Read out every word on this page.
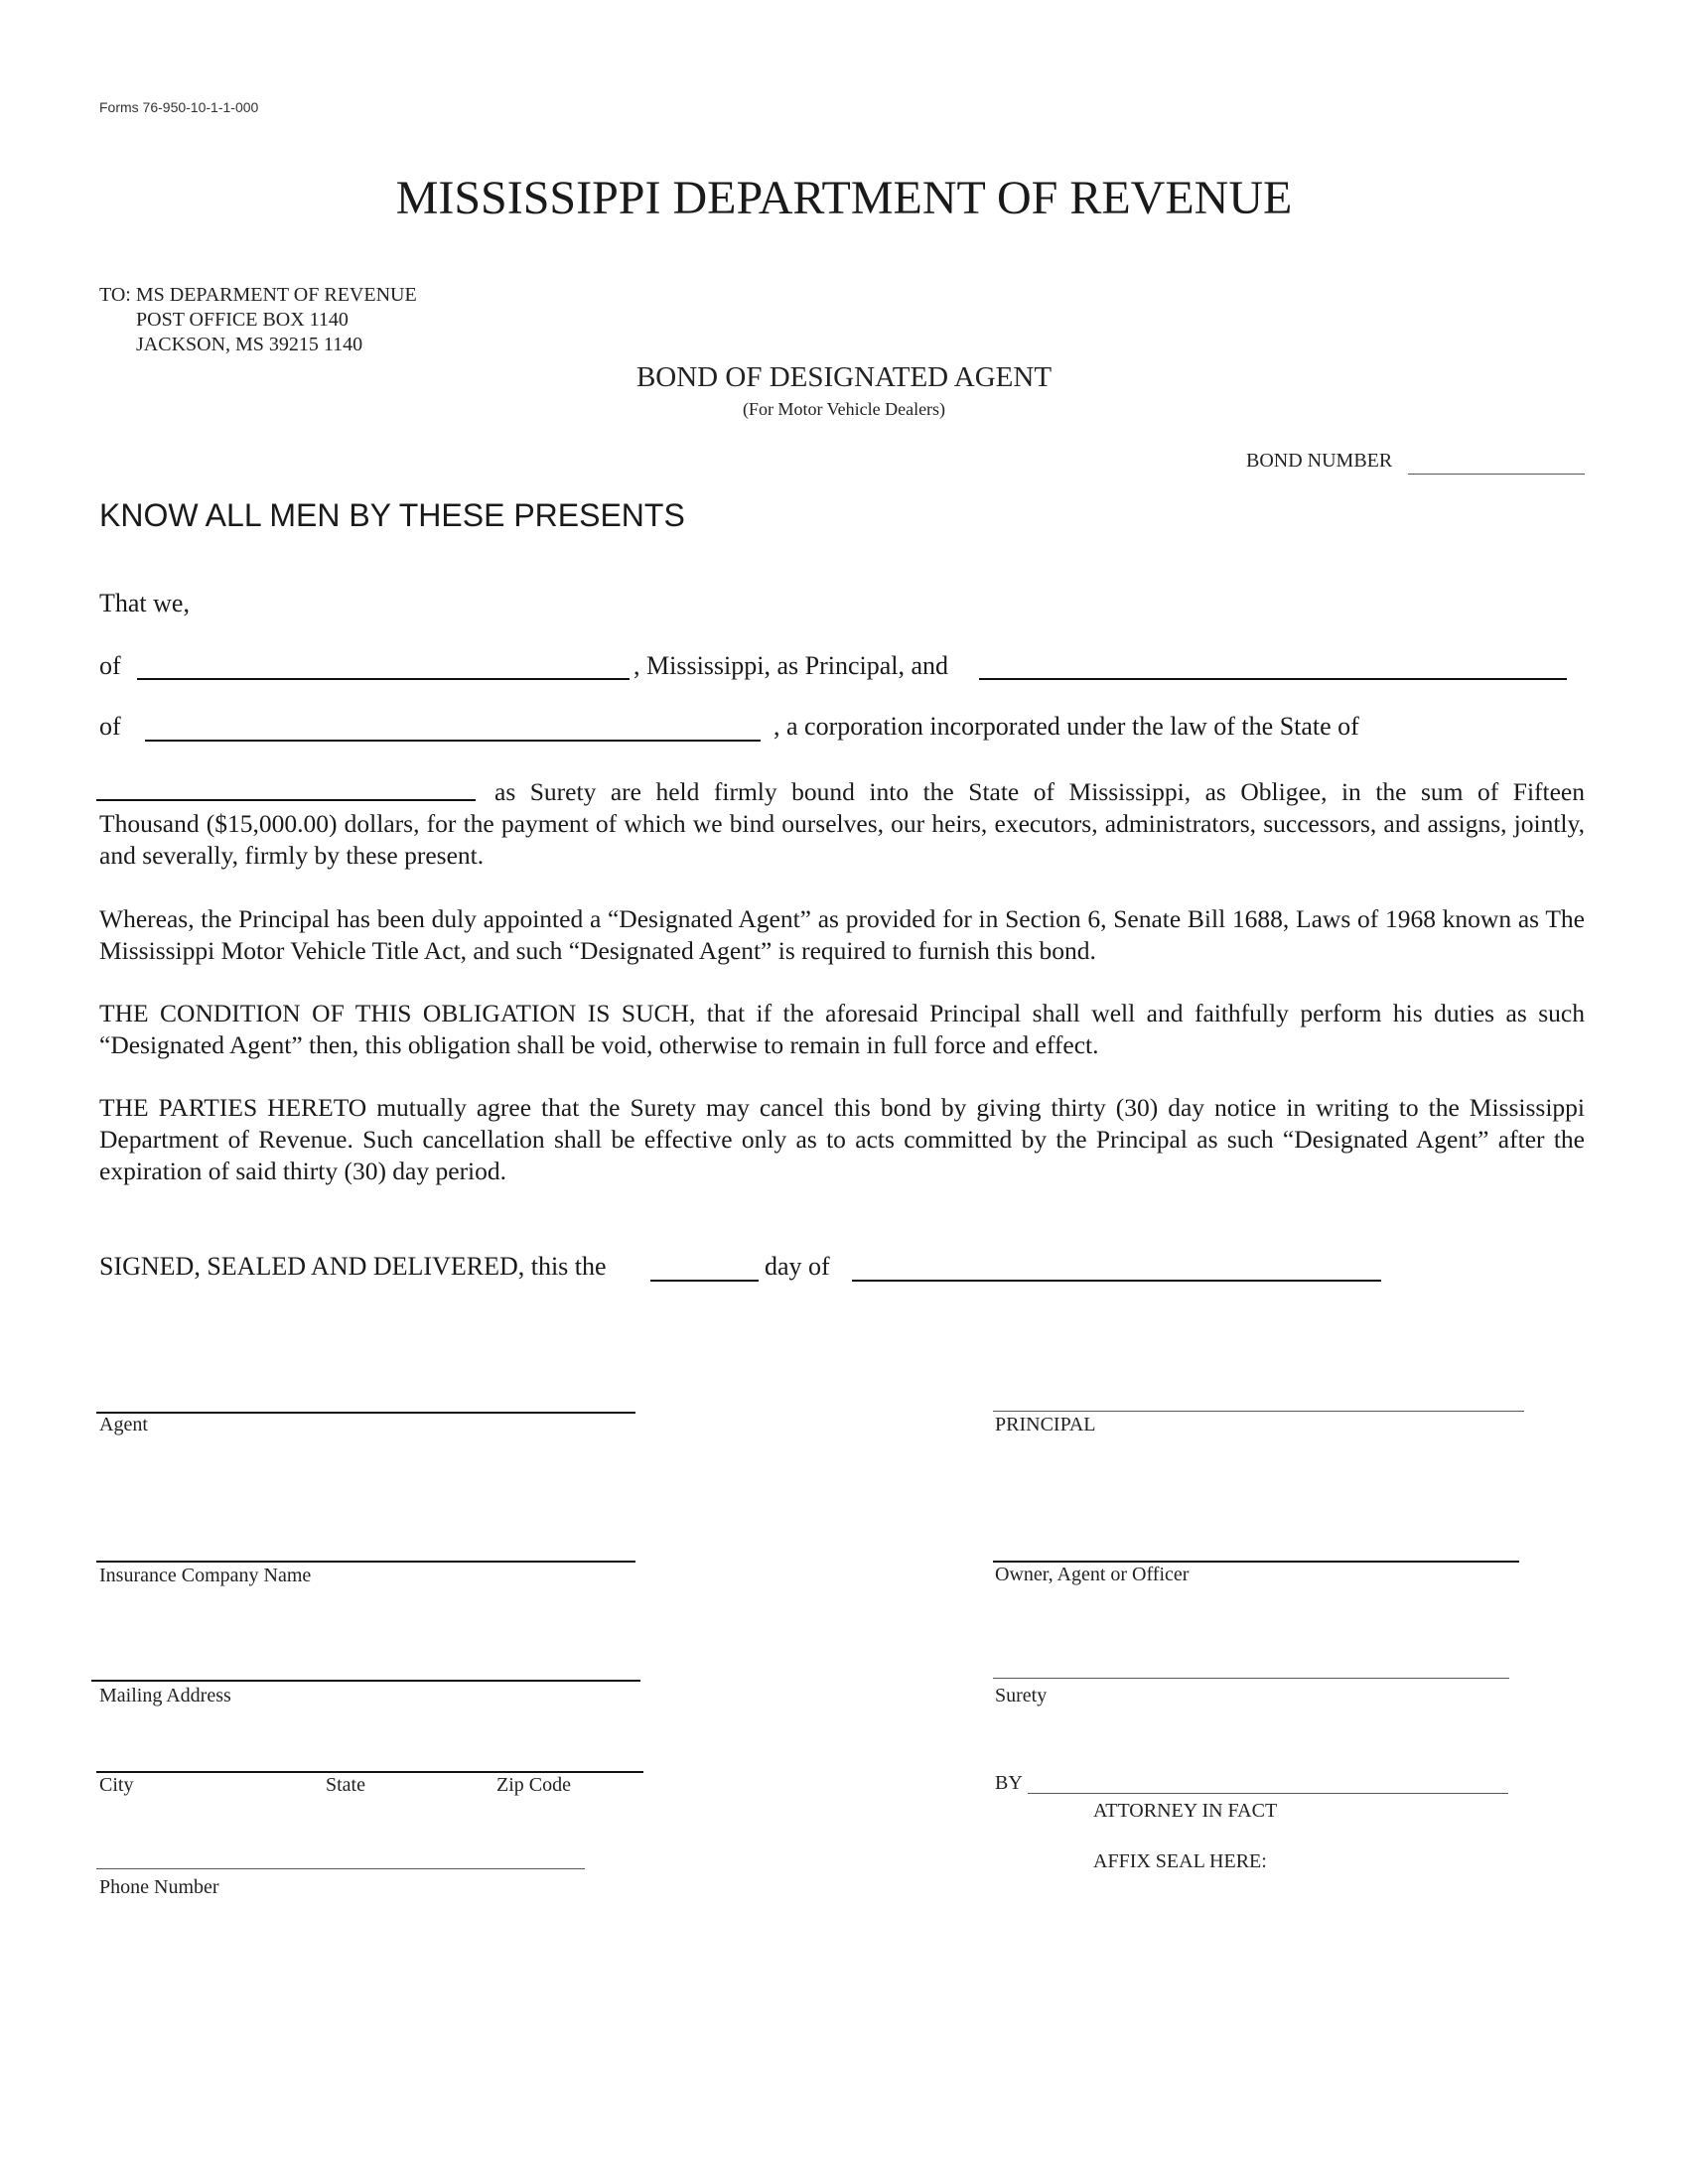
Forms 76-950-10-1-1-000
MISSISSIPPI DEPARTMENT OF REVENUE
TO: MS DEPARMENT OF REVENUE
POST OFFICE BOX 1140
JACKSON, MS 39215 1140
BOND OF DESIGNATED AGENT
(For Motor Vehicle Dealers)
BOND NUMBER
KNOW ALL MEN BY THESE PRESENTS
That we,
of	, Mississippi, as Principal, and
of	, a corporation incorporated under the law of the State of
as Surety are held firmly bound into the State of Mississippi, as Obligee, in the sum of Fifteen
Thousand ($15,000.00) dollars, for the payment of which we bind ourselves, our heirs, executors, administrators, successors, and assigns, jointly, and severally, firmly by these present.
Whereas, the Principal has been duly appointed a “Designated Agent” as provided for in Section 6, Senate Bill 1688, Laws of 1968 known as The Mississippi Motor Vehicle Title Act, and such “Designated Agent” is required to furnish this bond.
THE CONDITION OF THIS OBLIGATION IS SUCH, that if the aforesaid Principal shall well and faithfully perform his duties as such “Designated Agent” then, this obligation shall be void, otherwise to remain in full force and effect.
THE PARTIES HERETO mutually agree that the Surety may cancel this bond by giving thirty (30) day notice in writing to the Mississippi Department of Revenue. Such cancellation shall be effective only as to acts committed by the Principal as such “Designated Agent” after the expiration of said thirty (30) day period.
SIGNED, SEALED AND DELIVERED, this the	day of
Agent
Insurance Company Name
Mailing Address
City	State	Zip Code
Phone Number
PRINCIPAL
Owner, Agent or Officer
Surety
BY
ATTORNEY IN FACT
AFFIX SEAL HERE:
